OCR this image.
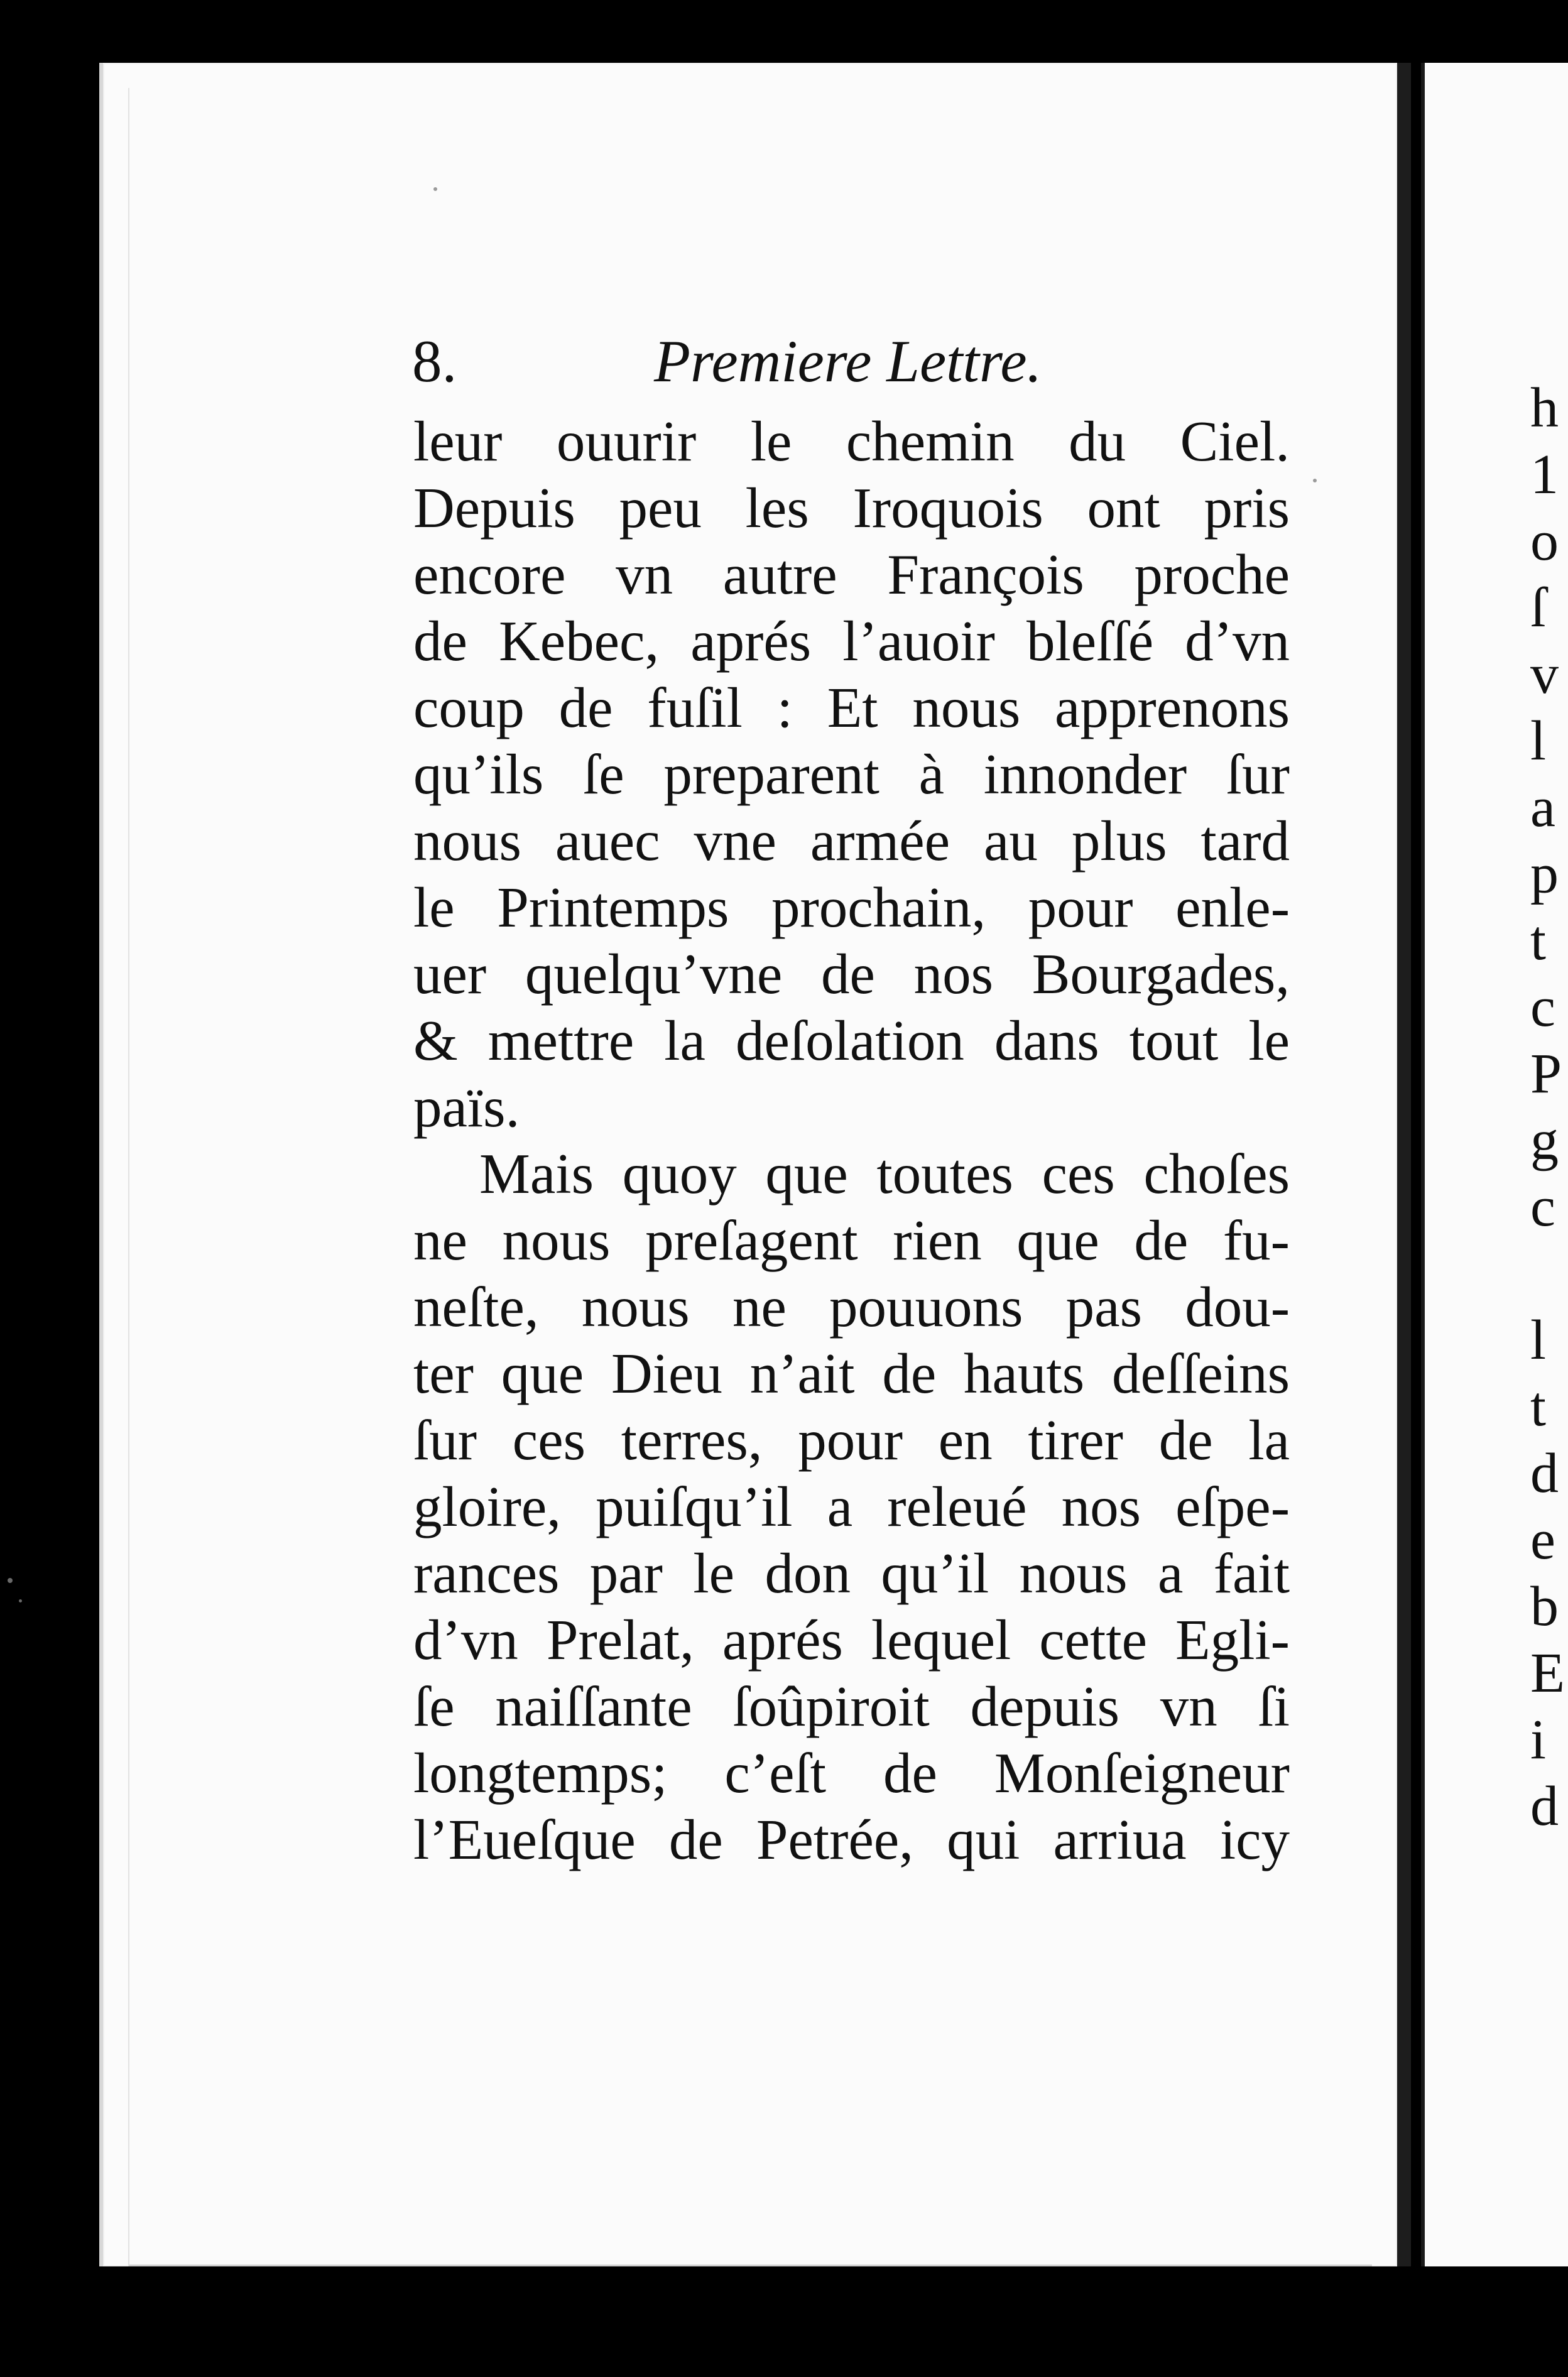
8.	Premiere Lettre.
leur ouurir le chemin du Ciel.
Depuis peu les Iroquois ont pris
encore vn autre François proche
de Kebec, aprés l’auoir bleſſé d’vn
coup de fuſil : Et nous apprenons
qu’ils ſe preparent à innonder ſur
nous auec vne armée au plus tard
le Printemps prochain, pour enle-
uer quelqu’vne de nos Bourgades,
& mettre la deſolation dans tout le
païs.
Mais quoy que toutes ces choſes
ne nous preſagent rien que de fu-
neſte, nous ne pouuons pas dou-
ter que Dieu n’ait de hauts deſſeins
ſur ces terres, pour en tirer de la
gloire, puiſqu’il a releué nos eſpe-
rances par le don qu’il nous a fait
d’vn Prelat, aprés lequel cette Egli-
ſe naiſſante ſoûpiroit depuis vn ſi
longtemps; c’eſt de Monſeigneur
l’Eueſque de Petrée, qui arriua icy
h
1
o
ſ
v
l
a
p
t
c
P
g
c
l
t
d
e
b
E
i
d
